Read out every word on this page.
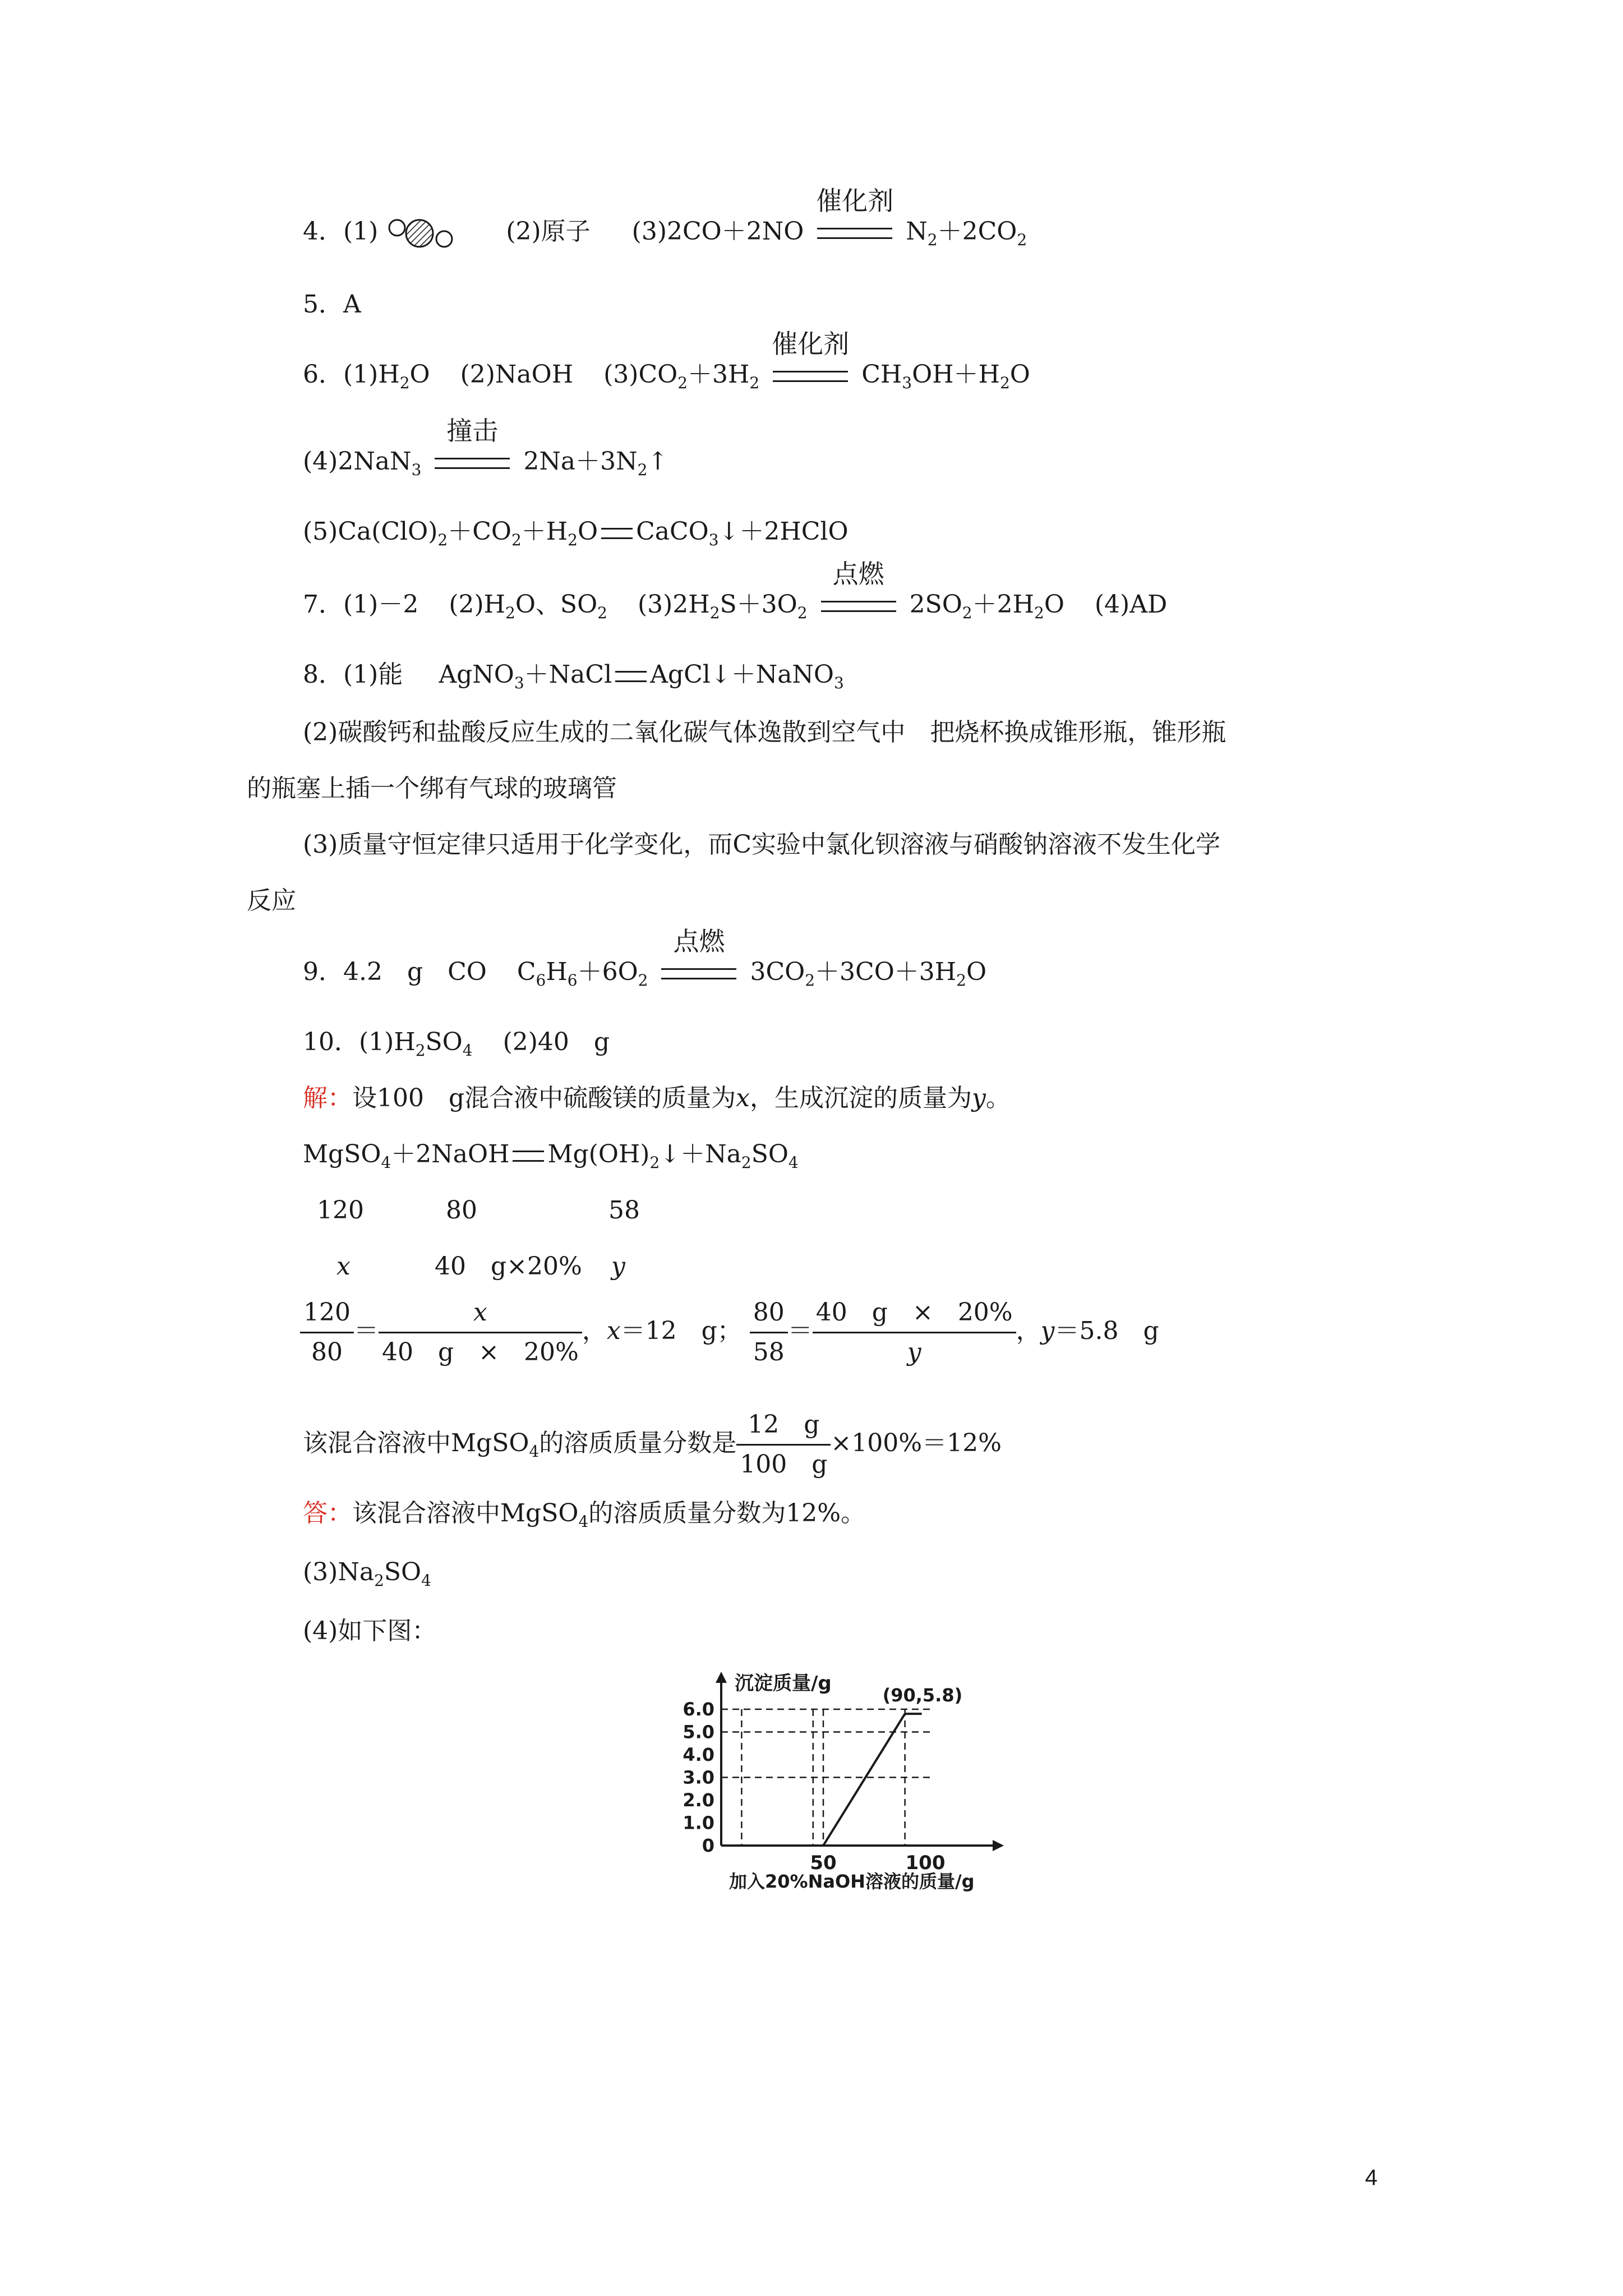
4．(1)	(2)原子 (3)2CO＋2NO
催化剂
$N_2+2CO_2$
5．A
6．$(1)H_2O$ (2)NaOH $(3)CO_2+3H_2$
催化剂
$CH_3OH+H_2O$
(4)2NaN$_3$
撞击
$2Na+3N_2↑$
$(5)Ca(ClO)_2+CO_2+H_2O$ CaCO$_3$↓＋2HClO
7．(1)－2 $(2)H_2O$、$SO_2$ $(3)2H_2S+3O_2$
点燃
$2SO_2+2H_2O$ (4)AD
8．(1)能 AgNO$_3$＋NaCl AgCl↓＋NaNO$_3$
(2)碳酸钙和盐酸反应生成的二氧化碳气体逸散到空气中　把烧杯换成锥形瓶，锥形瓶
的瓶塞上插一个绑有气球的玻璃管
(3)质量守恒定律只适用于化学变化，而C实验中氯化钡溶液与硝酸钠溶液不发生化学
反应
9．4.2　g　CO $C_6H_6+6O_2$
点燃
$3CO_2+3CO+3H_2O$
10．$(1)H_2SO_4$ (2)40　g
解：设100　g混合液中硫酸镁的质量为x，生成沉淀的质量为y。
MgSO$_4$＋2NaOH $Mg(OH)_2↓+Na_2SO_4$
120	80	58
x	40　g×20% y
$\frac{120}{80} = \frac{x}{40 g \times 20\%}$ ，x＝12　g； $\frac{80}{58} = \frac{40 g \times 20\%}{y}$ ，y＝5.8　g
该混合溶液中MgSO$_4$的溶质质量分数是 $\frac{12 g}{100 g} \times 100\%=12\%$
答：该混合溶液中MgSO$_4$的溶质质量分数为12%。
$(3)Na_2SO_4$
(4)如下图：
6.0
5.0
4.0
3.0
2.0
1.0
0
50	100
沉淀质量/g
加入20%NaOH溶液的质量/g
(90,5.8)
4
